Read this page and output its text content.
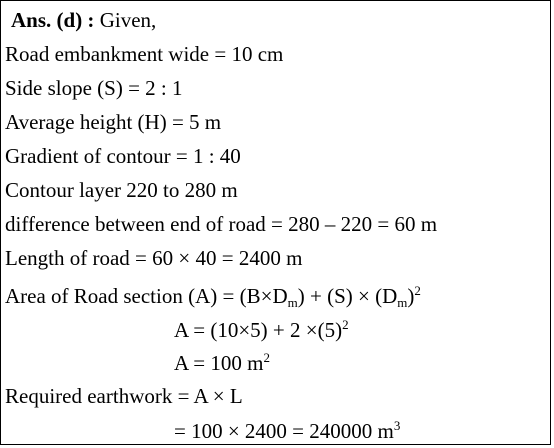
Ans. (d) : Given,
Road embankment wide = 10 cm
Side slope (S) = 2 : 1
Average height (H) = 5 m
Gradient of contour = 1 : 40
Contour layer 220 to 280 m
difference between end of road = 280 – 220 = 60 m
Length of road = 60 × 40 = 2400 m
Area of Road section $(A) = (B\times D_m) + (S) \times (D_m)^2$
$A = (10\times 5) + 2 \times(5)^2$
A = 100 $m^2$
Required earthwork = A × L
= 100 × 2400 = 240000 $m^3$
